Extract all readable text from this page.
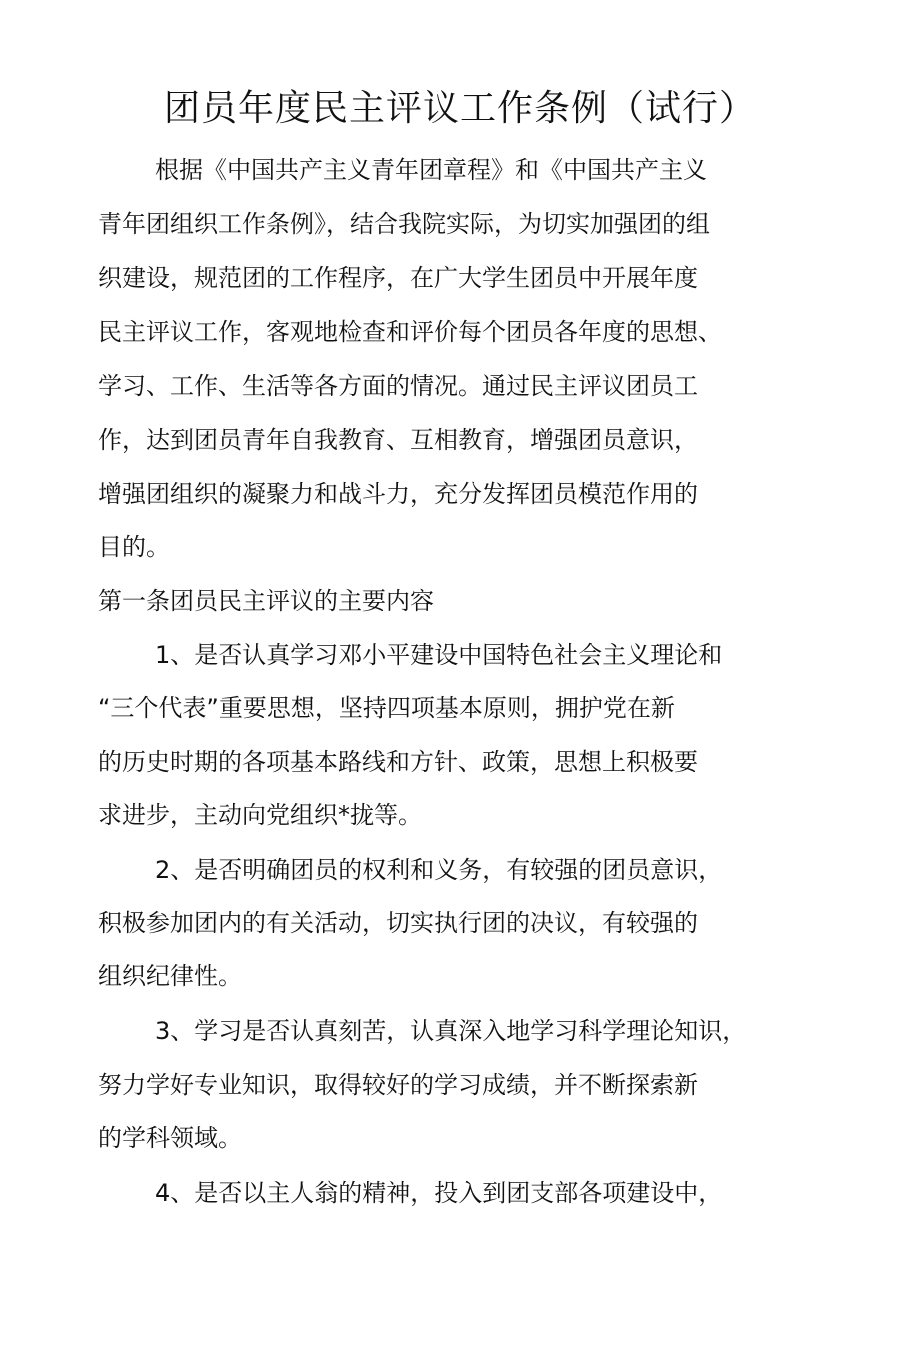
团员年度民主评议工作条例（试行）
根据《中国共产主义青年团章程》和《中国共产主义
青年团组织工作条例》，结合我院实际，为切实加强团的组
织建设，规范团的工作程序，在广大学生团员中开展年度
民主评议工作，客观地检查和评价每个团员各年度的思想、
学习、工作、生活等各方面的情况。通过民主评议团员工
作，达到团员青年自我教育、互相教育，增强团员意识，
增强团组织的凝聚力和战斗力，充分发挥团员模范作用的
目的。
第一条团员民主评议的主要内容
1、是否认真学习邓小平建设中国特色社会主义理论和
“三个代表”重要思想，坚持四项基本原则，拥护党在新
的历史时期的各项基本路线和方针、政策，思想上积极要
求进步，主动向党组织*拢等。
2、是否明确团员的权利和义务，有较强的团员意识，
积极参加团内的有关活动，切实执行团的决议，有较强的
组织纪律性。
3、学习是否认真刻苦，认真深入地学习科学理论知识，
努力学好专业知识，取得较好的学习成绩，并不断探索新
的学科领域。
4、是否以主人翁的精神，投入到团支部各项建设中，
